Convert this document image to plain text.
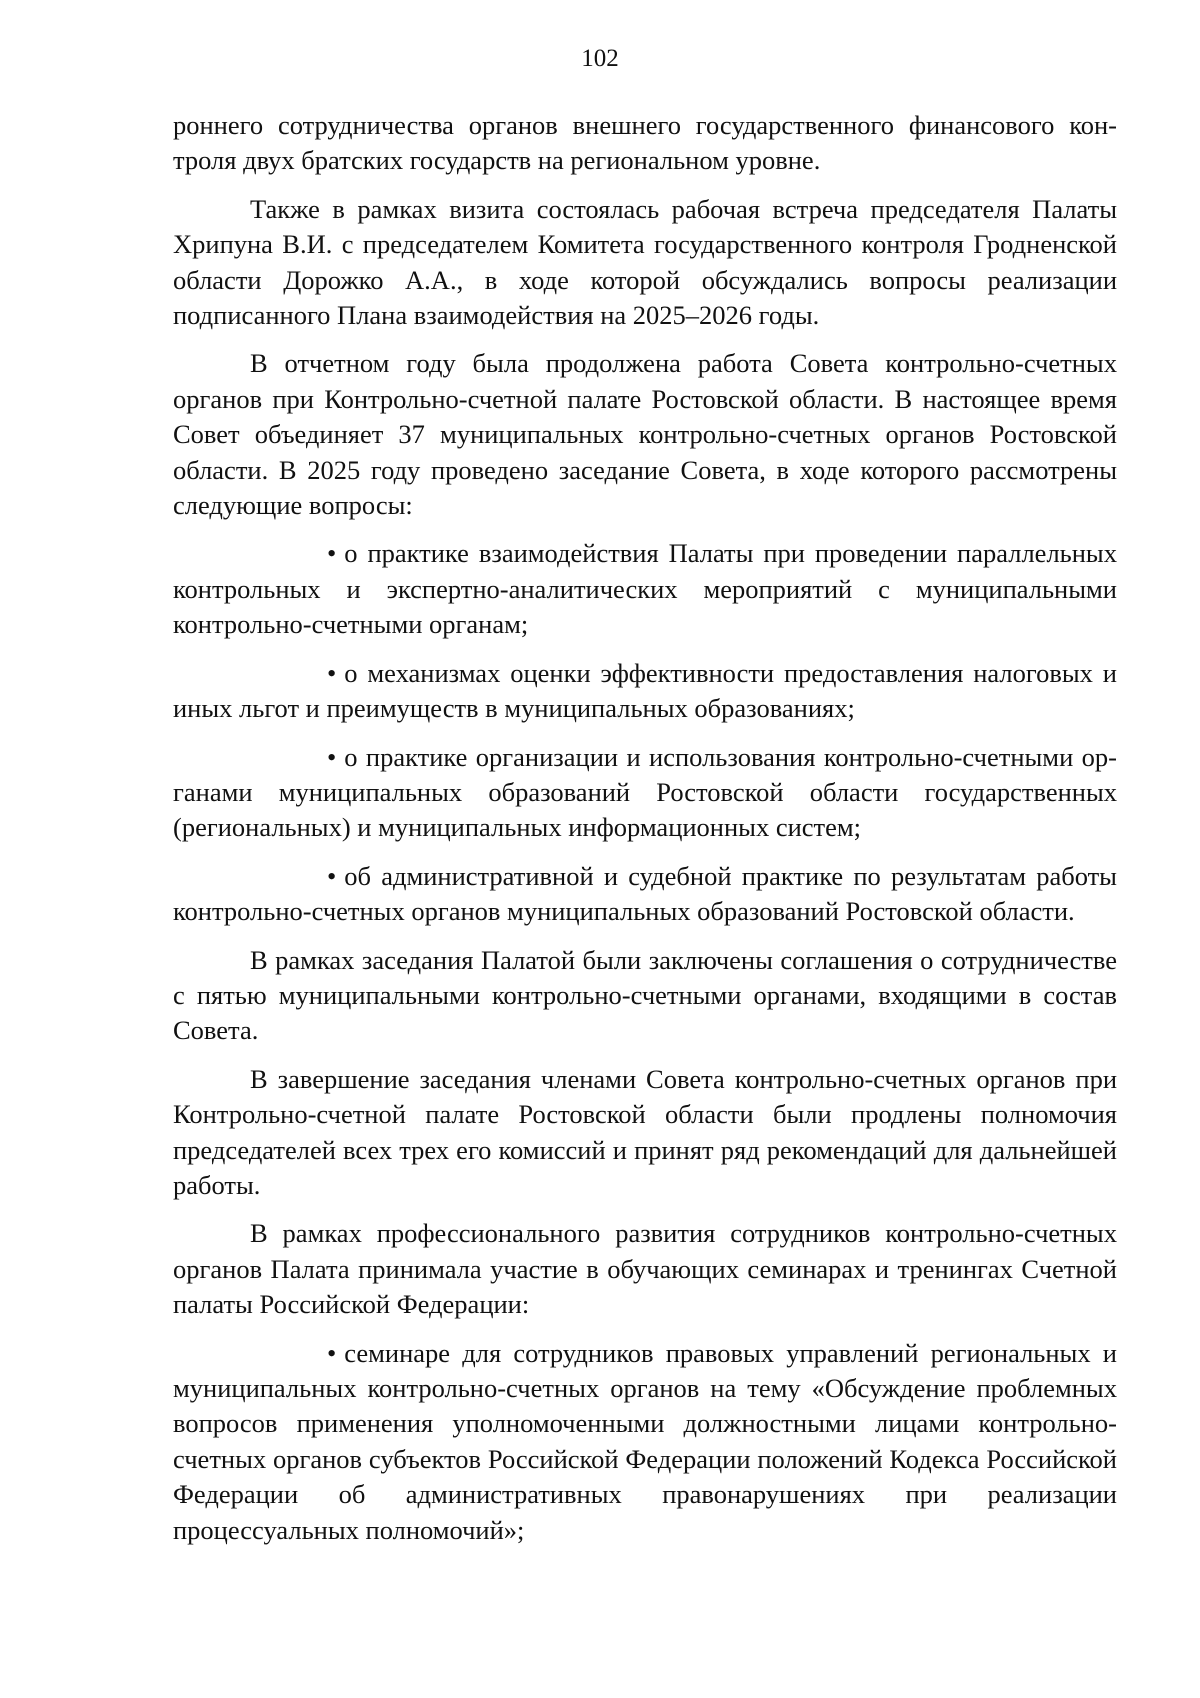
102

роннего сотрудничества органов внешнего государственного финансового контроля двух братских государств на региональном уровне.

Также в рамках визита состоялась рабочая встреча председателя Палаты Хрипуна В.И. с председателем Комитета государственного контроля Гродненской области Дорожко А.А., в ходе которой обсуждались вопросы реализации подписанного Плана взаимодействия на 2025–2026 годы.

В отчетном году была продолжена работа Совета контрольно-счетных органов при Контрольно-счетной палате Ростовской области. В настоящее время Совет объединяет 37 муниципальных контрольно-счетных органов Ростовской области. В 2025 году проведено заседание Совета, в ходе которого рассмотрены следующие вопросы:

• о практике взаимодействия Палаты при проведении параллельных контрольных и экспертно-аналитических мероприятий с муниципальными контрольно-счетными органам;

• о механизмах оценки эффективности предоставления налоговых и иных льгот и преимуществ в муниципальных образованиях;

• о практике организации и использования контрольно-счетными органами муниципальных образований Ростовской области государственных (региональных) и муниципальных информационных систем;

• об административной и судебной практике по результатам работы контрольно-счетных органов муниципальных образований Ростовской области.

В рамках заседания Палатой были заключены соглашения о сотрудничестве с пятью муниципальными контрольно-счетными органами, входящими в состав Совета.

В завершение заседания членами Совета контрольно-счетных органов при Контрольно-счетной палате Ростовской области были продлены полномочия председателей всех трех его комиссий и принят ряд рекомендаций для дальнейшей работы.

В рамках профессионального развития сотрудников контрольно-счетных органов Палата принимала участие в обучающих семинарах и тренингах Счетной палаты Российской Федерации:

• семинаре для сотрудников правовых управлений региональных и муниципальных контрольно-счетных органов на тему «Обсуждение проблемных вопросов применения уполномоченными должностными лицами контрольно-счетных органов субъектов Российской Федерации положений Кодекса Российской Федерации об административных правонарушениях при реализации процессуальных полномочий»;
